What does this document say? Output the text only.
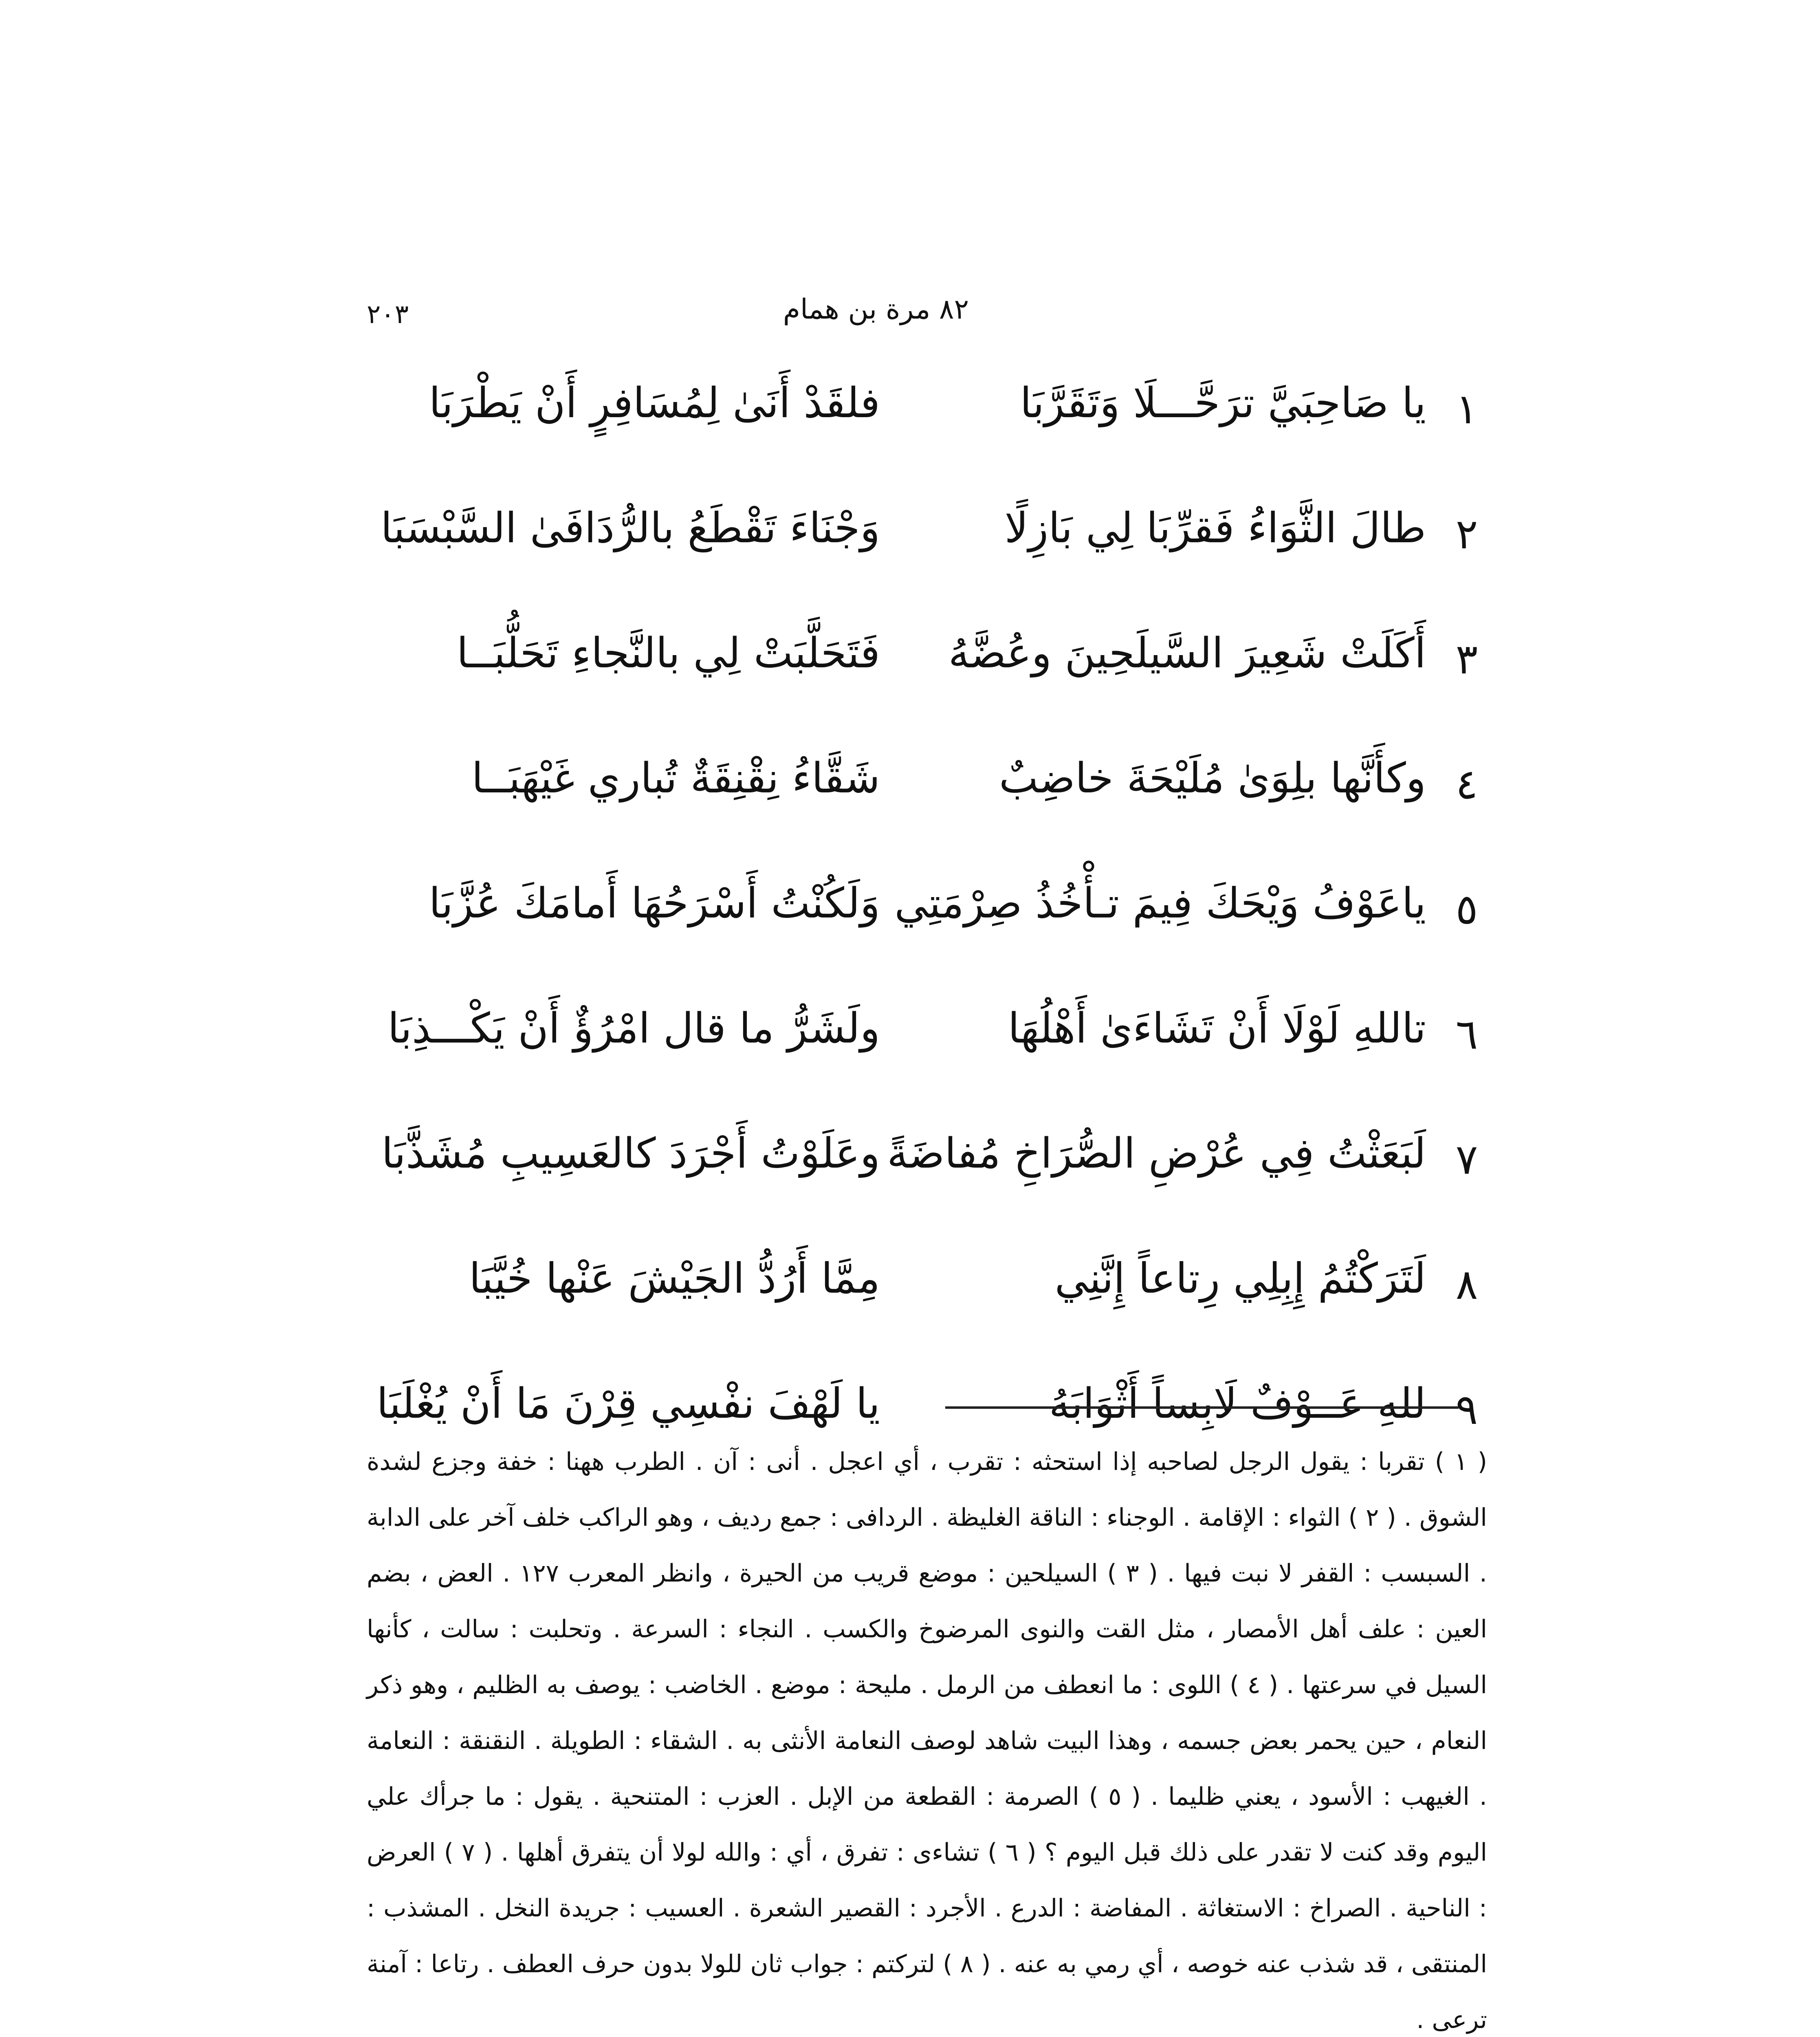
٢٠٣	٨٢ مرة بن همام
١
يا صَاحِبَيَّ ترَحَّـــلَا وَتَقَرَّبَا
فلقَدْ أَنَىٰ لِمُسَافِرٍ أَنْ يَطْرَبَا
٢
طالَ الثَّوَاءُ فَقرِّبَا لِي بَازِلًا
وَجْنَاءَ تَقْطَعُ بالرُّدَافَىٰ السَّبْسَبَا
٣
أَكَلَتْ شَعِيرَ السَّيلَحِينَ وعُضَّهُ
فَتَحَلَّبَتْ لِي بالنَّجاءِ تَحَلُّبَــا
٤
وكأَنَّها بلِوَىٰ مُلَيْحَةَ خاضِبٌ
شَقَّاءُ نِقْنِقَةٌ تُباري غَيْهَبَــا
٥
ياعَوْفُ وَيْحَكَ فِيمَ تـأْخُذُ صِرْمَتِي
وَلَكُنْتُ أَسْرَحُهَا أَمامَكَ عُزَّبَا
٦
تاللهِ لَوْلَا أَنْ تَشَاءَىٰ أَهْلُهَا
ولَشَرُّ ما قال امْرُؤٌ أَنْ يَكْـــذِبَا
٧
لَبَعَثْتُ فِي عُرْضِ الصُّرَاخِ مُفاضَةً
وعَلَوْتُ أَجْرَدَ كالعَسِيبِ مُشَذَّبَا
٨
لَتَرَكْتُمُ إِبِلِي رِتاعاً إِنَّنِي
مِمَّا أَرُدُّ الجَيْشَ عَنْها خُيَّبَا
٩
للهِ عَــوْفٌ لَابِساً أَثْوَابَهُ
يا لَهْفَ نفْسِي قِرْنَ مَا أَنْ يُغْلَبَا

( ١ ) تقربا : يقول الرجل لصاحبه إذا استحثه : تقرب ، أي اعجل . أنى : آن . الطرب ههنا : خفة وجزع لشدة الشوق . ( ٢ ) الثواء : الإقامة . الوجناء : الناقة الغليظة . الردافى : جمع رديف ، وهو الراكب خلف آخر على الدابة . السبسب : القفر لا نبت فيها . ( ٣ ) السيلحين : موضع قريب من الحيرة ، وانظر المعرب ١٢٧ . العض ، بضم العين : علف أهل الأمصار ، مثل القت والنوى المرضوخ والكسب . النجاء : السرعة . وتحلبت : سالت ، كأنها السيل في سرعتها . ( ٤ ) اللوى : ما انعطف من الرمل . مليحة : موضع . الخاضب : يوصف به الظليم ، وهو ذكر النعام ، حين يحمر بعض جسمه ، وهذا البيت شاهد لوصف النعامة الأنثى به . الشقاء : الطويلة . النقنقة : النعامة . الغيهب : الأسود ، يعني ظليما . ( ٥ ) الصرمة : القطعة من الإبل . العزب : المتنحية . يقول : ما جرأك علي اليوم وقد كنت لا تقدر على ذلك قبل اليوم ؟ ( ٦ ) تشاءى : تفرق ، أي : والله لولا أن يتفرق أهلها . ( ٧ ) العرض : الناحية . الصراخ : الاستغاثة . المفاضة : الدرع . الأجرد : القصير الشعرة . العسيب : جريدة النخل . المشذب : المنتقى ، قد شذب عنه خوصه ، أي رمي به عنه . ( ٨ ) لتركتم : جواب ثان للولا بدون حرف العطف . رتاعا : آمنة ترعى .
